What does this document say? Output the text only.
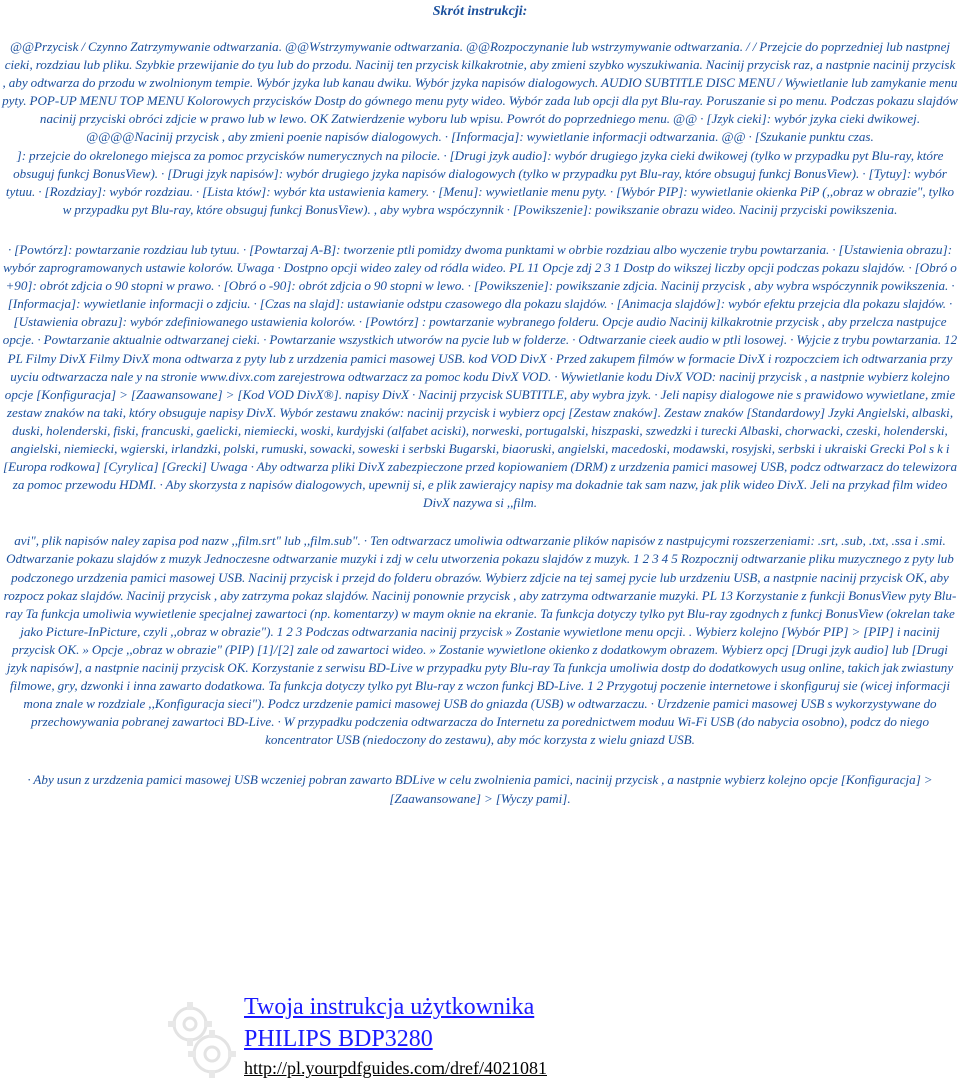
Skrót instrukcji:

@@Przycisk / Czynno Zatrzymywanie odtwarzania. @@Wstrzymywanie odtwarzania. @@Rozpoczynanie lub wstrzymywanie odtwarzania. / / Przejcie do poprzedniej lub nastpnej cieki, rozdziau lub pliku. Szybkie przewijanie do tyu lub do przodu. Nacinij ten przycisk kilkakrotnie, aby zmieni szybko wyszukiwania. Nacinij przycisk raz, a nastpnie nacinij przycisk , aby odtwarza do przodu w zwolnionym tempie. Wybór jzyka lub kanau dwiku. Wybór jzyka napisów dialogowych. AUDIO SUBTITLE DISC MENU / Wywietlanie lub zamykanie menu pyty. POP-UP MENU TOP MENU Kolorowych przycisków Dostp do gównego menu pyty wideo. Wybór zada lub opcji dla pyt Blu-ray. Poruszanie si po menu. Podczas pokazu slajdów nacinij przyciski obróci zdjcie w prawo lub w lewo. OK Zatwierdzenie wyboru lub wpisu. Powrót do poprzedniego menu. @@ · [Jzyk cieki]: wybór jzyka cieki dwikowej. @@@@Nacinij przycisk , aby zmieni poenie napisów dialogowych. · [Informacja]: wywietlanie informacji odtwarzania. @@ · [Szukanie punktu czas.

]: przejcie do okrelonego miejsca za pomoc przycisków numerycznych na pilocie. · [Drugi jzyk audio]: wybór drugiego jzyka cieki dwikowej (tylko w przypadku pyt Blu-ray, które obsuguj funkcj BonusView). · [Drugi jzyk napisów]: wybór drugiego jzyka napisów dialogowych (tylko w przypadku pyt Blu-ray, które obsuguj funkcj BonusView). · [Tytuy]: wybór tytuu. · [Rozdziay]: wybór rozdziau. · [Lista któw]: wybór kta ustawienia kamery. · [Menu]: wywietlanie menu pyty. · [Wybór PIP]: wywietlanie okienka PiP (,,obraz w obrazie", tylko w przypadku pyt Blu-ray, które obsuguj funkcj BonusView). , aby wybra wspóczynnik · [Powikszenie]: powikszanie obrazu wideo. Nacinij przyciski powikszenia.

· [Powtórz]: powtarzanie rozdziau lub tytuu. · [Powtarzaj A-B]: tworzenie ptli pomidzy dwoma punktami w obrbie rozdziau albo wyczenie trybu powtarzania. · [Ustawienia obrazu]: wybór zaprogramowanych ustawie kolorów. Uwaga · Dostpno opcji wideo zaley od ródla wideo. PL 11 Opcje zdj 2 3 1 Dostp do wikszej liczby opcji podczas pokazu slajdów. · [Obró o +90]: obrót zdjcia o 90 stopni w prawo. · [Obró o -90]: obrót zdjcia o 90 stopni w lewo. · [Powikszenie]: powikszanie zdjcia. Nacinij przycisk , aby wybra wspóczynnik powikszenia. · [Informacja]: wywietlanie informacji o zdjciu. · [Czas na slajd]: ustawianie odstpu czasowego dla pokazu slajdów. · [Animacja slajdów]: wybór efektu przejcia dla pokazu slajdów. · [Ustawienia obrazu]: wybór zdefiniowanego ustawienia kolorów. · [Powtórz] : powtarzanie wybranego folderu. Opcje audio Nacinij kilkakrotnie przycisk , aby przelcza nastpujce opcje. · Powtarzanie aktualnie odtwarzanej cieki. · Powtarzanie wszystkich utworów na pycie lub w folderze. · Odtwarzanie cieek audio w ptli losowej. · Wyjcie z trybu powtarzania. 12 PL Filmy DivX Filmy DivX mona odtwarza z pyty lub z urzdzenia pamici masowej USB. kod VOD DivX · Przed zakupem filmów w formacie DivX i rozpoczciem ich odtwarzania przy uyciu odtwarzacza nale y na stronie www.divx.com zarejestrowa odtwarzacz za pomoc kodu DivX VOD. · Wywietlanie kodu DivX VOD: nacinij przycisk , a nastpnie wybierz kolejno opcje [Konfiguracja] > [Zaawansowane] > [Kod VOD DivX®]. napisy DivX · Nacinij przycisk SUBTITLE, aby wybra jzyk. · Jeli napisy dialogowe nie s prawidowo wywietlane, zmie zestaw znaków na taki, który obsuguje napisy DivX. Wybór zestawu znaków: nacinij przycisk i wybierz opcj [Zestaw znaków]. Zestaw znaków [Standardowy] Jzyki Angielski, albaski, duski, holenderski, fiski, francuski, gaelicki, niemiecki, woski, kurdyjski (alfabet aciski), norweski, portugalski, hiszpaski, szwedzki i turecki Albaski, chorwacki, czeski, holenderski, angielski, niemiecki, wgierski, irlandzki, polski, rumuski, sowacki, soweski i serbski Bugarski, biaoruski, angielski, macedoski, modawski, rosyjski, serbski i ukraiski Grecki Pol s k i [Europa rodkowa] [Cyrylica] [Grecki] Uwaga · Aby odtwarza pliki DivX zabezpieczone przed kopiowaniem (DRM) z urzdzenia pamici masowej USB, podcz odtwarzacz do telewizora za pomoc przewodu HDMI. · Aby skorzysta z napisów dialogowych, upewnij si, e plik zawierajcy napisy ma dokadnie tak sam nazw, jak plik wideo DivX. Jeli na przykad film wideo DivX nazywa si ,,film.

avi", plik napisów naley zapisa pod nazw ,,film.srt" lub ,,film.sub". · Ten odtwarzacz umoliwia odtwarzanie plików napisów z nastpujcymi rozszerzeniami: .srt, .sub, .txt, .ssa i .smi. Odtwarzanie pokazu slajdów z muzyk Jednoczesne odtwarzanie muzyki i zdj w celu utworzenia pokazu slajdów z muzyk. 1 2 3 4 5 Rozpocznij odtwarzanie pliku muzycznego z pyty lub podczonego urzdzenia pamici masowej USB. Nacinij przycisk i przejd do folderu obrazów. Wybierz zdjcie na tej samej pycie lub urzdzeniu USB, a nastpnie nacinij przycisk OK, aby rozpocz pokaz slajdów. Nacinij przycisk , aby zatrzyma pokaz slajdów. Nacinij ponownie przycisk , aby zatrzyma odtwarzanie muzyki. PL 13 Korzystanie z funkcji BonusView pyty Blu-ray Ta funkcja umoliwia wywietlenie specjalnej zawartoci (np. komentarzy) w maym oknie na ekranie. Ta funkcja dotyczy tylko pyt Blu-ray zgodnych z funkcj BonusView (okrelan take jako Picture-InPicture, czyli ,,obraz w obrazie"). 1 2 3 Podczas odtwarzania nacinij przycisk » Zostanie wywietlone menu opcji. . Wybierz kolejno [Wybór PIP] > [PIP] i nacinij przycisk OK. » Opcje ,,obraz w obrazie" (PIP) [1]/[2] zale od zawartoci wideo. » Zostanie wywietlone okienko z dodatkowym obrazem. Wybierz opcj [Drugi jzyk audio] lub [Drugi jzyk napisów], a nastpnie nacinij przycisk OK. Korzystanie z serwisu BD-Live w przypadku pyty Blu-ray Ta funkcja umoliwia dostp do dodatkowych usug online, takich jak zwiastuny filmowe, gry, dzwonki i inna zawarto dodatkowa. Ta funkcja dotyczy tylko pyt Blu-ray z wczon funkcj BD-Live. 1 2 Przygotuj poczenie internetowe i skonfiguruj sie (wicej informacji mona znale w rozdziale ,,Konfiguracja sieci"). Podcz urzdzenie pamici masowej USB do gniazda (USB) w odtwarzaczu. · Urzdzenie pamici masowej USB s wykorzystywane do przechowywania pobranej zawartoci BD-Live. · W przypadku podczenia odtwarzacza do Internetu za porednictwem moduu Wi-Fi USB (do nabycia osobno), podcz do niego koncentrator USB (niedoczony do zestawu), aby móc korzysta z wielu gniazd USB.

· Aby usun z urzdzenia pamici masowej USB wczeniej pobran zawarto BDLive w celu zwolnienia pamici, nacinij przycisk , a nastpnie wybierz kolejno opcje [Konfiguracja] > [Zaawansowane] > [Wyczy pami].

Twoja instrukcja użytkownika
PHILIPS BDP3280
http://pl.yourpdfguides.com/dref/4021081
